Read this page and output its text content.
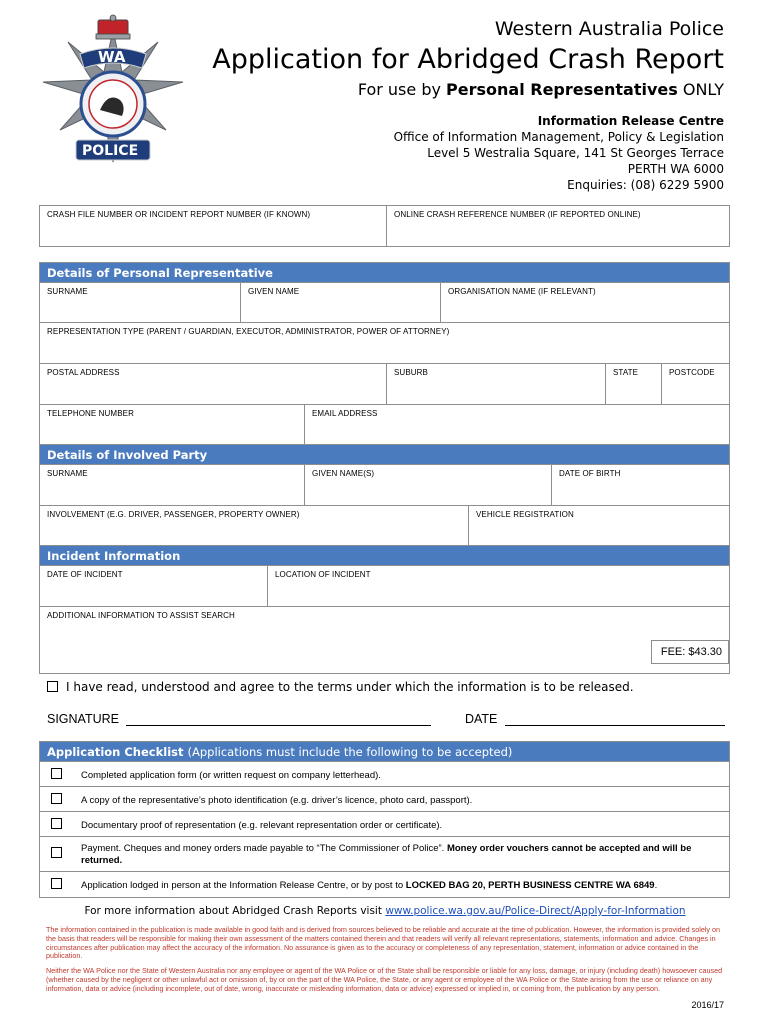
WA
POLICE
Western Australia Police
Application for Abridged Crash Report
For use by Personal Representatives ONLY
Information Release Centre
Office of Information Management, Policy & Legislation
Level 5 Westralia Square, 141 St Georges Terrace
PERTH WA 6000
Enquiries: (08) 6229 5900
CRASH FILE NUMBER OR INCIDENT REPORT NUMBER (IF KNOWN)	ONLINE CRASH REFERENCE NUMBER (IF REPORTED ONLINE)
Details of Personal Representative
SURNAME	GIVEN NAME	ORGANISATION NAME (IF RELEVANT)
REPRESENTATION TYPE (PARENT / GUARDIAN, EXECUTOR, ADMINISTRATOR, POWER OF ATTORNEY)
POSTAL ADDRESS	SUBURB	STATE	POSTCODE
TELEPHONE NUMBER	EMAIL ADDRESS
Details of Involved Party
SURNAME	GIVEN NAME(S)	DATE OF BIRTH
INVOLVEMENT (E.G. DRIVER, PASSENGER, PROPERTY OWNER)	VEHICLE REGISTRATION
Incident Information
DATE OF INCIDENT	LOCATION OF INCIDENT
ADDITIONAL INFORMATION TO ASSIST SEARCH
FEE: $43.30
I have read, understood and agree to the terms under which the information is to be released.
SIGNATURE	DATE
Application Checklist (Applications must include the following to be accepted)
Completed application form (or written request on company letterhead).
A copy of the representative’s photo identification (e.g. driver’s licence, photo card, passport).
Documentary proof of representation (e.g. relevant representation order or certificate).
Payment. Cheques and money orders made payable to “The Commissioner of Police”. Money order vouchers cannot be accepted and will be returned.
Application lodged in person at the Information Release Centre, or by post to LOCKED BAG 20, PERTH BUSINESS CENTRE WA 6849.
For more information about Abridged Crash Reports visit www.police.wa.gov.au/Police-Direct/Apply-for-Information
The information contained in the publication is made available in good faith and is derived from sources believed to be reliable and accurate at the time of publication. However, the information is provided solely on the basis that readers will be responsible for making their own assessment of the matters contained therein and that readers will verify all relevant representations, statements, information and advice. Changes in circumstances after publication may affect the accuracy of the information. No assurance is given as to the accuracy or completeness of any representation, statement, information or advice contained in the publication.
Neither the WA Police nor the State of Western Australia nor any employee or agent of the WA Police or of the State shall be responsible or liable for any loss, damage, or injury (including death) howsoever caused (whether caused by the negligent or other unlawful act or omission of, by or on the part of the WA Police, the State, or any agent or employee of the WA Police or the State arising from the use or reliance on any information, data or advice (including incomplete, out of date, wrong, inaccurate or misleading information, data or advice) expressed or implied in, or coming from, the publication by any person.
2016/17
